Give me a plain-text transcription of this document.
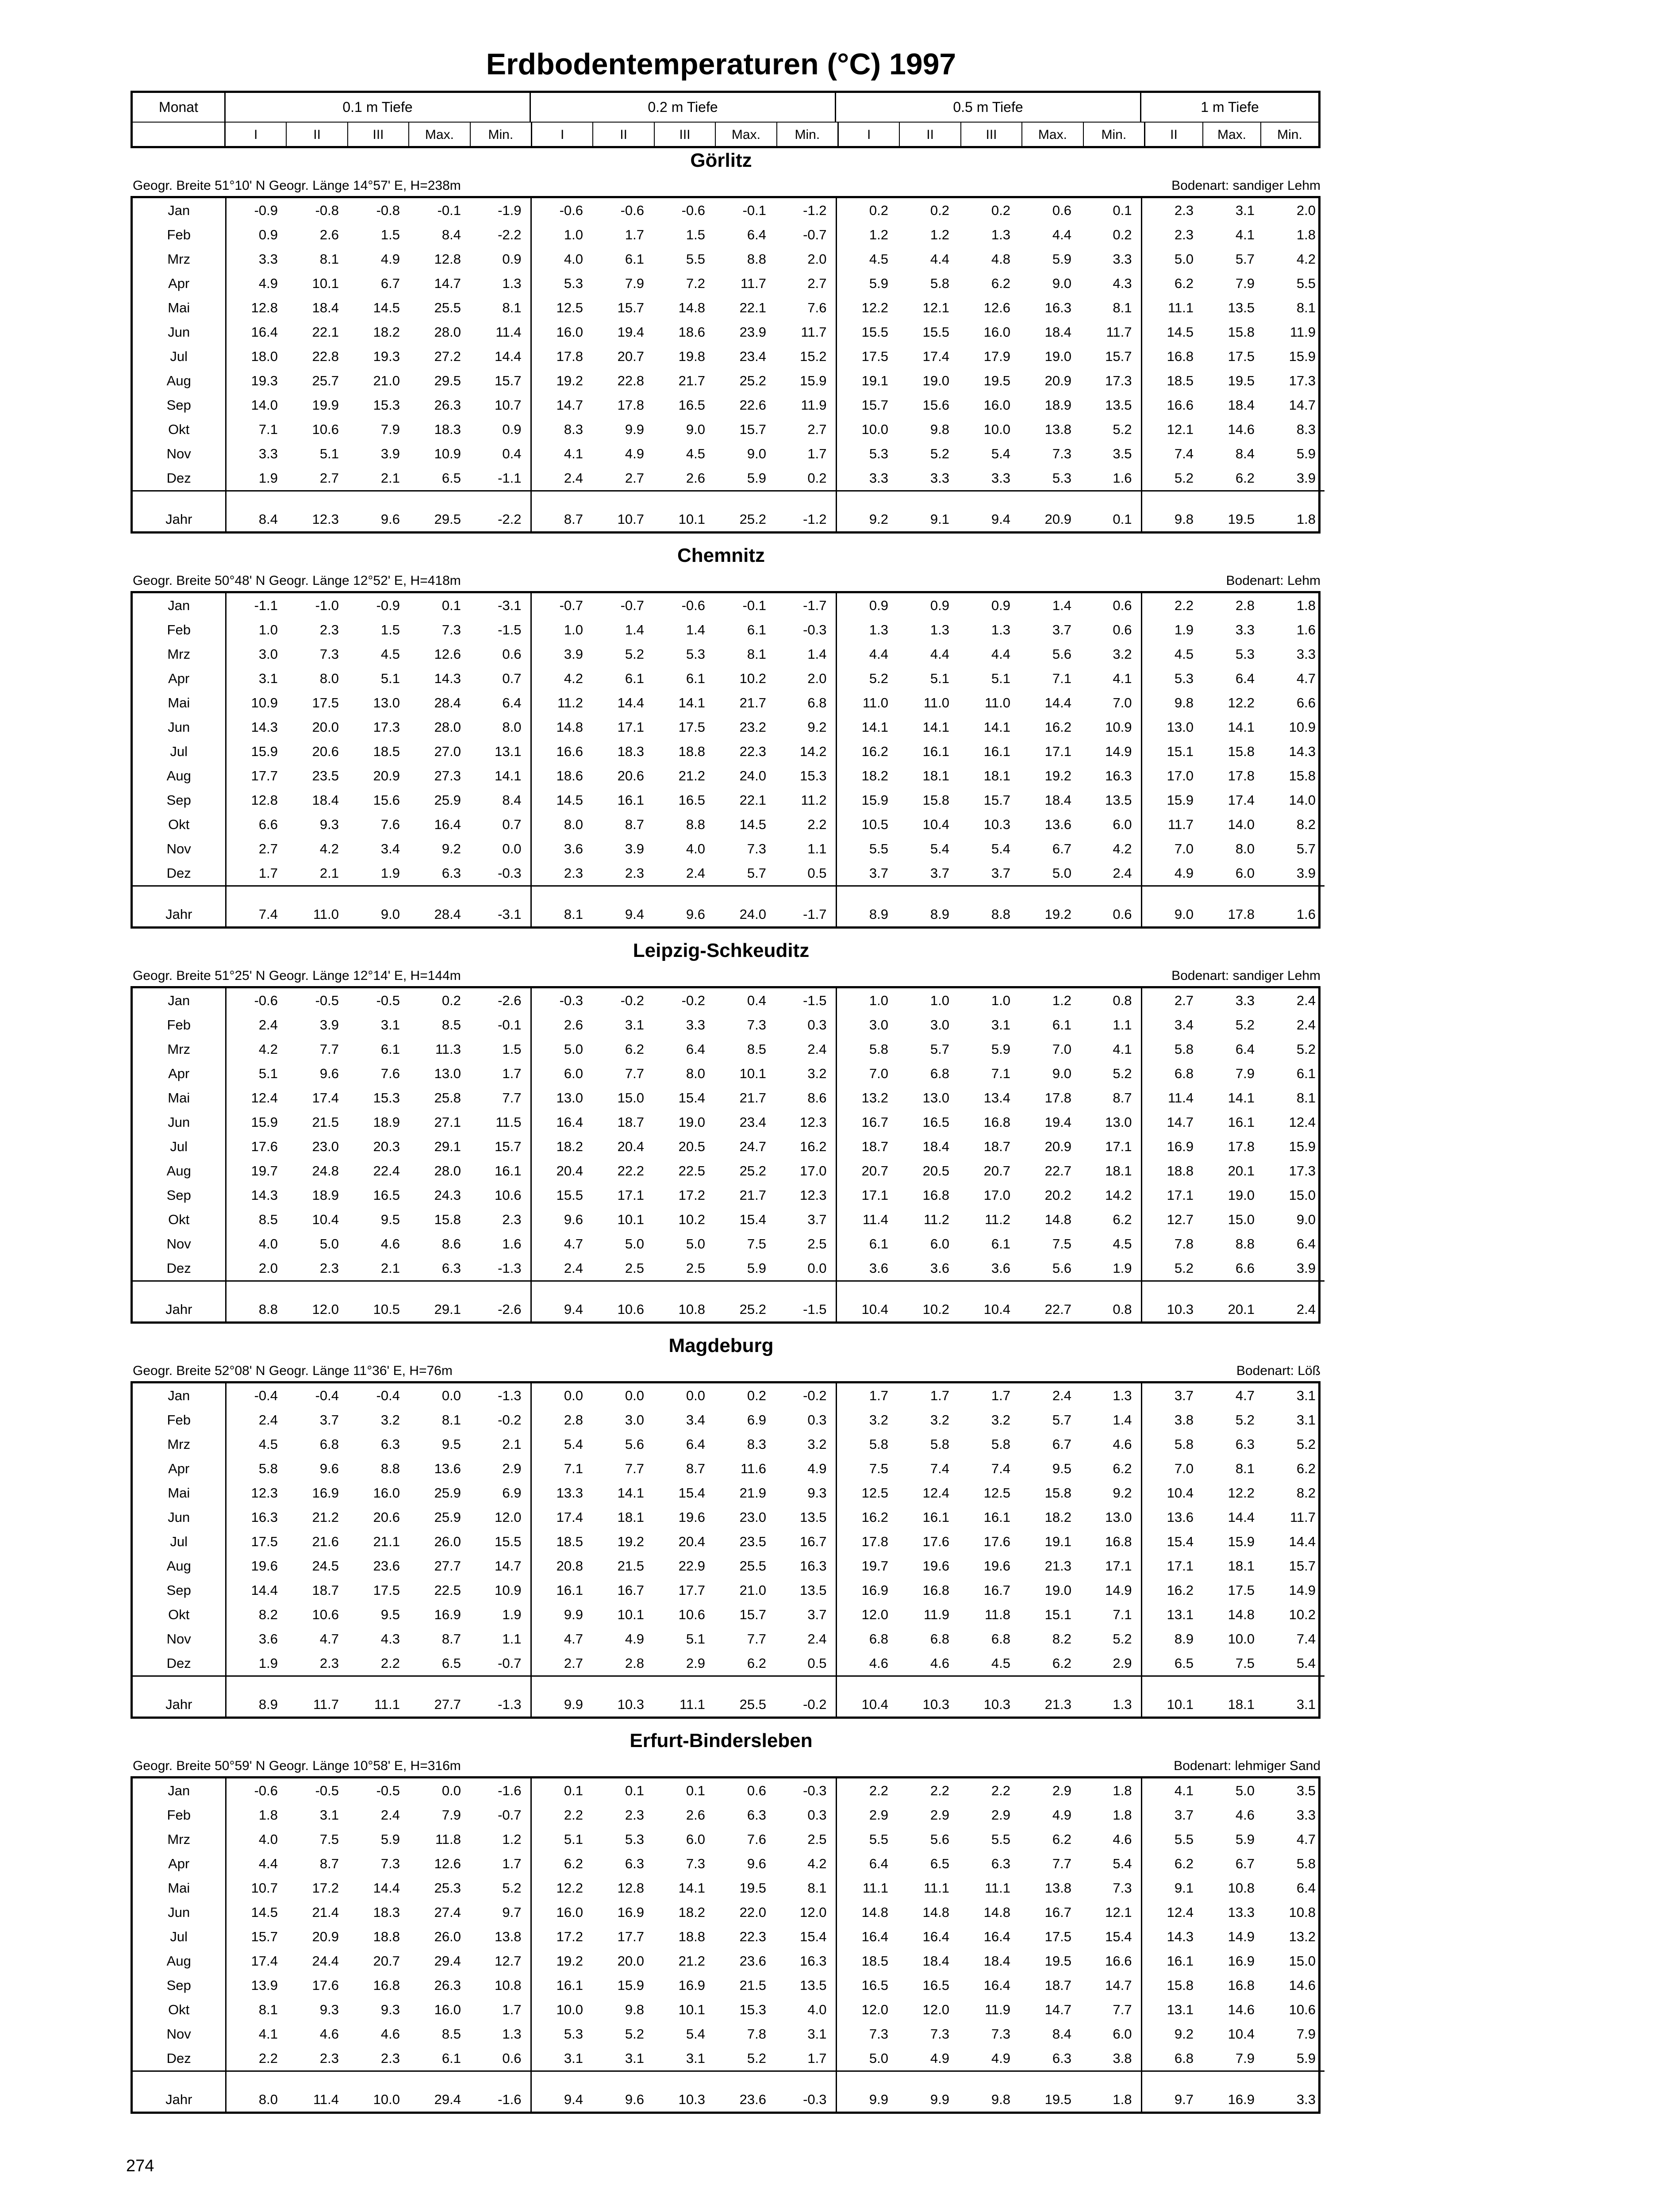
Erdbodentemperaturen (°C) 1997
Monat	0.1 m Tiefe	0.2 m Tiefe	0.5 m Tiefe	1 m Tiefe
I	II	III	Max.	Min.	I	II	III	Max.	Min.	I	II	III	Max.	Min.	II	Max.	Min.
Görlitz
Geogr. Breite 51°10' N Geogr. Länge 14°57' E, H=238m	Bodenart: sandiger Lehm
Jan	-0.9	-0.8	-0.8	-0.1	-1.9	-0.6	-0.6	-0.6	-0.1	-1.2	0.2	0.2	0.2	0.6	0.1	2.3	3.1	2.0
Feb	0.9	2.6	1.5	8.4	-2.2	1.0	1.7	1.5	6.4	-0.7	1.2	1.2	1.3	4.4	0.2	2.3	4.1	1.8
Mrz	3.3	8.1	4.9	12.8	0.9	4.0	6.1	5.5	8.8	2.0	4.5	4.4	4.8	5.9	3.3	5.0	5.7	4.2
Apr	4.9	10.1	6.7	14.7	1.3	5.3	7.9	7.2	11.7	2.7	5.9	5.8	6.2	9.0	4.3	6.2	7.9	5.5
Mai	12.8	18.4	14.5	25.5	8.1	12.5	15.7	14.8	22.1	7.6	12.2	12.1	12.6	16.3	8.1	11.1	13.5	8.1
Jun	16.4	22.1	18.2	28.0	11.4	16.0	19.4	18.6	23.9	11.7	15.5	15.5	16.0	18.4	11.7	14.5	15.8	11.9
Jul	18.0	22.8	19.3	27.2	14.4	17.8	20.7	19.8	23.4	15.2	17.5	17.4	17.9	19.0	15.7	16.8	17.5	15.9
Aug	19.3	25.7	21.0	29.5	15.7	19.2	22.8	21.7	25.2	15.9	19.1	19.0	19.5	20.9	17.3	18.5	19.5	17.3
Sep	14.0	19.9	15.3	26.3	10.7	14.7	17.8	16.5	22.6	11.9	15.7	15.6	16.0	18.9	13.5	16.6	18.4	14.7
Okt	7.1	10.6	7.9	18.3	0.9	8.3	9.9	9.0	15.7	2.7	10.0	9.8	10.0	13.8	5.2	12.1	14.6	8.3
Nov	3.3	5.1	3.9	10.9	0.4	4.1	4.9	4.5	9.0	1.7	5.3	5.2	5.4	7.3	3.5	7.4	8.4	5.9
Dez	1.9	2.7	2.1	6.5	-1.1	2.4	2.7	2.6	5.9	0.2	3.3	3.3	3.3	5.3	1.6	5.2	6.2	3.9
Jahr	8.4	12.3	9.6	29.5	-2.2	8.7	10.7	10.1	25.2	-1.2	9.2	9.1	9.4	20.9	0.1	9.8	19.5	1.8
Chemnitz
Geogr. Breite 50°48' N Geogr. Länge 12°52' E, H=418m	Bodenart: Lehm
Jan	-1.1	-1.0	-0.9	0.1	-3.1	-0.7	-0.7	-0.6	-0.1	-1.7	0.9	0.9	0.9	1.4	0.6	2.2	2.8	1.8
Feb	1.0	2.3	1.5	7.3	-1.5	1.0	1.4	1.4	6.1	-0.3	1.3	1.3	1.3	3.7	0.6	1.9	3.3	1.6
Mrz	3.0	7.3	4.5	12.6	0.6	3.9	5.2	5.3	8.1	1.4	4.4	4.4	4.4	5.6	3.2	4.5	5.3	3.3
Apr	3.1	8.0	5.1	14.3	0.7	4.2	6.1	6.1	10.2	2.0	5.2	5.1	5.1	7.1	4.1	5.3	6.4	4.7
Mai	10.9	17.5	13.0	28.4	6.4	11.2	14.4	14.1	21.7	6.8	11.0	11.0	11.0	14.4	7.0	9.8	12.2	6.6
Jun	14.3	20.0	17.3	28.0	8.0	14.8	17.1	17.5	23.2	9.2	14.1	14.1	14.1	16.2	10.9	13.0	14.1	10.9
Jul	15.9	20.6	18.5	27.0	13.1	16.6	18.3	18.8	22.3	14.2	16.2	16.1	16.1	17.1	14.9	15.1	15.8	14.3
Aug	17.7	23.5	20.9	27.3	14.1	18.6	20.6	21.2	24.0	15.3	18.2	18.1	18.1	19.2	16.3	17.0	17.8	15.8
Sep	12.8	18.4	15.6	25.9	8.4	14.5	16.1	16.5	22.1	11.2	15.9	15.8	15.7	18.4	13.5	15.9	17.4	14.0
Okt	6.6	9.3	7.6	16.4	0.7	8.0	8.7	8.8	14.5	2.2	10.5	10.4	10.3	13.6	6.0	11.7	14.0	8.2
Nov	2.7	4.2	3.4	9.2	0.0	3.6	3.9	4.0	7.3	1.1	5.5	5.4	5.4	6.7	4.2	7.0	8.0	5.7
Dez	1.7	2.1	1.9	6.3	-0.3	2.3	2.3	2.4	5.7	0.5	3.7	3.7	3.7	5.0	2.4	4.9	6.0	3.9
Jahr	7.4	11.0	9.0	28.4	-3.1	8.1	9.4	9.6	24.0	-1.7	8.9	8.9	8.8	19.2	0.6	9.0	17.8	1.6
Leipzig-Schkeuditz
Geogr. Breite 51°25' N Geogr. Länge 12°14' E, H=144m	Bodenart: sandiger Lehm
Jan	-0.6	-0.5	-0.5	0.2	-2.6	-0.3	-0.2	-0.2	0.4	-1.5	1.0	1.0	1.0	1.2	0.8	2.7	3.3	2.4
Feb	2.4	3.9	3.1	8.5	-0.1	2.6	3.1	3.3	7.3	0.3	3.0	3.0	3.1	6.1	1.1	3.4	5.2	2.4
Mrz	4.2	7.7	6.1	11.3	1.5	5.0	6.2	6.4	8.5	2.4	5.8	5.7	5.9	7.0	4.1	5.8	6.4	5.2
Apr	5.1	9.6	7.6	13.0	1.7	6.0	7.7	8.0	10.1	3.2	7.0	6.8	7.1	9.0	5.2	6.8	7.9	6.1
Mai	12.4	17.4	15.3	25.8	7.7	13.0	15.0	15.4	21.7	8.6	13.2	13.0	13.4	17.8	8.7	11.4	14.1	8.1
Jun	15.9	21.5	18.9	27.1	11.5	16.4	18.7	19.0	23.4	12.3	16.7	16.5	16.8	19.4	13.0	14.7	16.1	12.4
Jul	17.6	23.0	20.3	29.1	15.7	18.2	20.4	20.5	24.7	16.2	18.7	18.4	18.7	20.9	17.1	16.9	17.8	15.9
Aug	19.7	24.8	22.4	28.0	16.1	20.4	22.2	22.5	25.2	17.0	20.7	20.5	20.7	22.7	18.1	18.8	20.1	17.3
Sep	14.3	18.9	16.5	24.3	10.6	15.5	17.1	17.2	21.7	12.3	17.1	16.8	17.0	20.2	14.2	17.1	19.0	15.0
Okt	8.5	10.4	9.5	15.8	2.3	9.6	10.1	10.2	15.4	3.7	11.4	11.2	11.2	14.8	6.2	12.7	15.0	9.0
Nov	4.0	5.0	4.6	8.6	1.6	4.7	5.0	5.0	7.5	2.5	6.1	6.0	6.1	7.5	4.5	7.8	8.8	6.4
Dez	2.0	2.3	2.1	6.3	-1.3	2.4	2.5	2.5	5.9	0.0	3.6	3.6	3.6	5.6	1.9	5.2	6.6	3.9
Jahr	8.8	12.0	10.5	29.1	-2.6	9.4	10.6	10.8	25.2	-1.5	10.4	10.2	10.4	22.7	0.8	10.3	20.1	2.4
Magdeburg
Geogr. Breite 52°08' N Geogr. Länge 11°36' E, H=76m	Bodenart: Löß
Jan	-0.4	-0.4	-0.4	0.0	-1.3	0.0	0.0	0.0	0.2	-0.2	1.7	1.7	1.7	2.4	1.3	3.7	4.7	3.1
Feb	2.4	3.7	3.2	8.1	-0.2	2.8	3.0	3.4	6.9	0.3	3.2	3.2	3.2	5.7	1.4	3.8	5.2	3.1
Mrz	4.5	6.8	6.3	9.5	2.1	5.4	5.6	6.4	8.3	3.2	5.8	5.8	5.8	6.7	4.6	5.8	6.3	5.2
Apr	5.8	9.6	8.8	13.6	2.9	7.1	7.7	8.7	11.6	4.9	7.5	7.4	7.4	9.5	6.2	7.0	8.1	6.2
Mai	12.3	16.9	16.0	25.9	6.9	13.3	14.1	15.4	21.9	9.3	12.5	12.4	12.5	15.8	9.2	10.4	12.2	8.2
Jun	16.3	21.2	20.6	25.9	12.0	17.4	18.1	19.6	23.0	13.5	16.2	16.1	16.1	18.2	13.0	13.6	14.4	11.7
Jul	17.5	21.6	21.1	26.0	15.5	18.5	19.2	20.4	23.5	16.7	17.8	17.6	17.6	19.1	16.8	15.4	15.9	14.4
Aug	19.6	24.5	23.6	27.7	14.7	20.8	21.5	22.9	25.5	16.3	19.7	19.6	19.6	21.3	17.1	17.1	18.1	15.7
Sep	14.4	18.7	17.5	22.5	10.9	16.1	16.7	17.7	21.0	13.5	16.9	16.8	16.7	19.0	14.9	16.2	17.5	14.9
Okt	8.2	10.6	9.5	16.9	1.9	9.9	10.1	10.6	15.7	3.7	12.0	11.9	11.8	15.1	7.1	13.1	14.8	10.2
Nov	3.6	4.7	4.3	8.7	1.1	4.7	4.9	5.1	7.7	2.4	6.8	6.8	6.8	8.2	5.2	8.9	10.0	7.4
Dez	1.9	2.3	2.2	6.5	-0.7	2.7	2.8	2.9	6.2	0.5	4.6	4.6	4.5	6.2	2.9	6.5	7.5	5.4
Jahr	8.9	11.7	11.1	27.7	-1.3	9.9	10.3	11.1	25.5	-0.2	10.4	10.3	10.3	21.3	1.3	10.1	18.1	3.1
Erfurt-Bindersleben
Geogr. Breite 50°59' N Geogr. Länge 10°58' E, H=316m	Bodenart: lehmiger Sand
Jan	-0.6	-0.5	-0.5	0.0	-1.6	0.1	0.1	0.1	0.6	-0.3	2.2	2.2	2.2	2.9	1.8	4.1	5.0	3.5
Feb	1.8	3.1	2.4	7.9	-0.7	2.2	2.3	2.6	6.3	0.3	2.9	2.9	2.9	4.9	1.8	3.7	4.6	3.3
Mrz	4.0	7.5	5.9	11.8	1.2	5.1	5.3	6.0	7.6	2.5	5.5	5.6	5.5	6.2	4.6	5.5	5.9	4.7
Apr	4.4	8.7	7.3	12.6	1.7	6.2	6.3	7.3	9.6	4.2	6.4	6.5	6.3	7.7	5.4	6.2	6.7	5.8
Mai	10.7	17.2	14.4	25.3	5.2	12.2	12.8	14.1	19.5	8.1	11.1	11.1	11.1	13.8	7.3	9.1	10.8	6.4
Jun	14.5	21.4	18.3	27.4	9.7	16.0	16.9	18.2	22.0	12.0	14.8	14.8	14.8	16.7	12.1	12.4	13.3	10.8
Jul	15.7	20.9	18.8	26.0	13.8	17.2	17.7	18.8	22.3	15.4	16.4	16.4	16.4	17.5	15.4	14.3	14.9	13.2
Aug	17.4	24.4	20.7	29.4	12.7	19.2	20.0	21.2	23.6	16.3	18.5	18.4	18.4	19.5	16.6	16.1	16.9	15.0
Sep	13.9	17.6	16.8	26.3	10.8	16.1	15.9	16.9	21.5	13.5	16.5	16.5	16.4	18.7	14.7	15.8	16.8	14.6
Okt	8.1	9.3	9.3	16.0	1.7	10.0	9.8	10.1	15.3	4.0	12.0	12.0	11.9	14.7	7.7	13.1	14.6	10.6
Nov	4.1	4.6	4.6	8.5	1.3	5.3	5.2	5.4	7.8	3.1	7.3	7.3	7.3	8.4	6.0	9.2	10.4	7.9
Dez	2.2	2.3	2.3	6.1	0.6	3.1	3.1	3.1	5.2	1.7	5.0	4.9	4.9	6.3	3.8	6.8	7.9	5.9
Jahr	8.0	11.4	10.0	29.4	-1.6	9.4	9.6	10.3	23.6	-0.3	9.9	9.9	9.8	19.5	1.8	9.7	16.9	3.3
274
